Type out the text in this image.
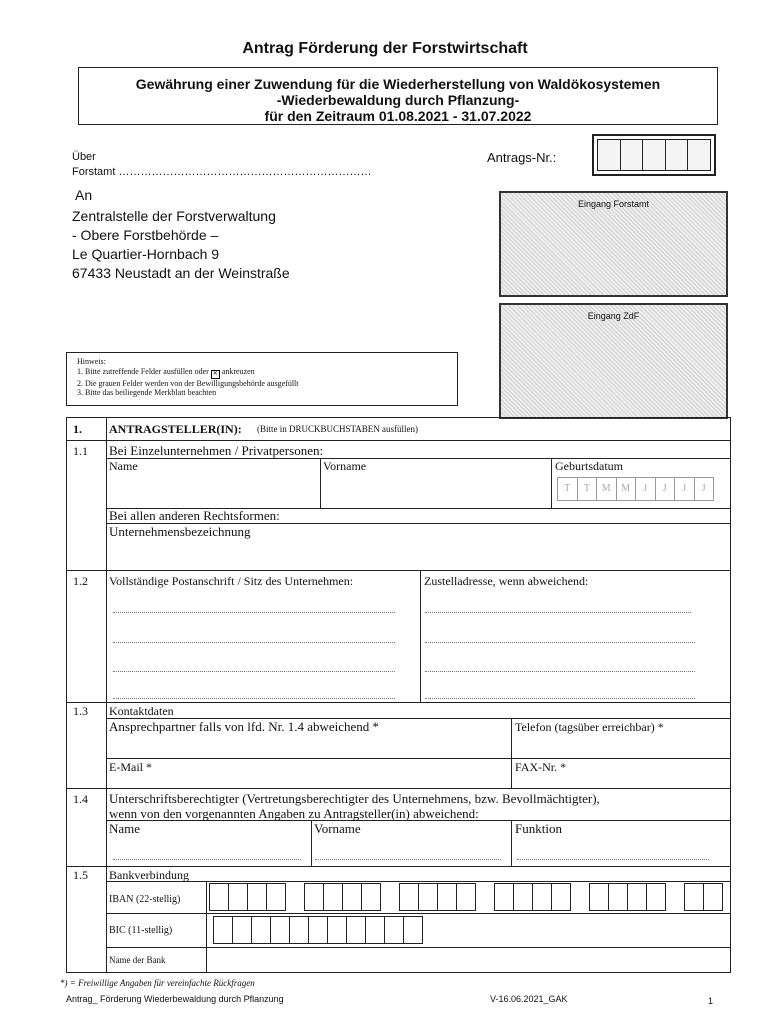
Antrag Förderung der Forstwirtschaft
Gewährung einer Zuwendung für die Wiederherstellung von Waldökosystemen
-Wiederbewaldung durch Pflanzung-
für den Zeitraum 01.08.2021 - 31.07.2022
Über
Forstamt ……………………………………………………………
Antrags-Nr.:
An
Zentralstelle der Forstverwaltung
- Obere Forstbehörde –
Le Quartier-Hornbach 9
67433 Neustadt an der Weinstraße
Eingang Forstamt
Eingang ZdF
Hinweis:
1. Bitte zutreffende Felder ausfüllen oder ✕ ankreuzen
2. Die grauen Felder werden von der Bewilligungsbehörde ausgefüllt
3. Bitte das beiliegende Merkblatt beachten
1. ANTRAGSTELLER(IN): (Bitte in DRUCKBUCHSTABEN ausfüllen)
1.1 Bei Einzelunternehmen / Privatpersonen:
Name	Vorname	Geburtsdatum
T	T	M	M	J	J	J	J
Bei allen anderen Rechtsformen:
Unternehmensbezeichnung
1.2 Vollständige Postanschrift / Sitz des Unternehmen:	Zustelladresse, wenn abweichend:
1.3 Kontaktdaten
Ansprechpartner falls von lfd. Nr. 1.4 abweichend *	Telefon (tagsüber erreichbar) *
E-Mail *	FAX-Nr. *
1.4 Unterschriftsberechtigter (Vertretungsberechtigter des Unternehmens, bzw. Bevollmächtigter),
wenn von den vorgenannten Angaben zu Antragsteller(in) abweichend:
Name	Vorname	Funktion
1.5 Bankverbindung
IBAN (22-stellig)
BIC (11-stellig)
Name der Bank
*) = Freiwillige Angaben für vereinfachte Rückfragen
Antrag_ Förderung Wiederbewaldung durch Pflanzung	V-16.06.2021_GAK	1
